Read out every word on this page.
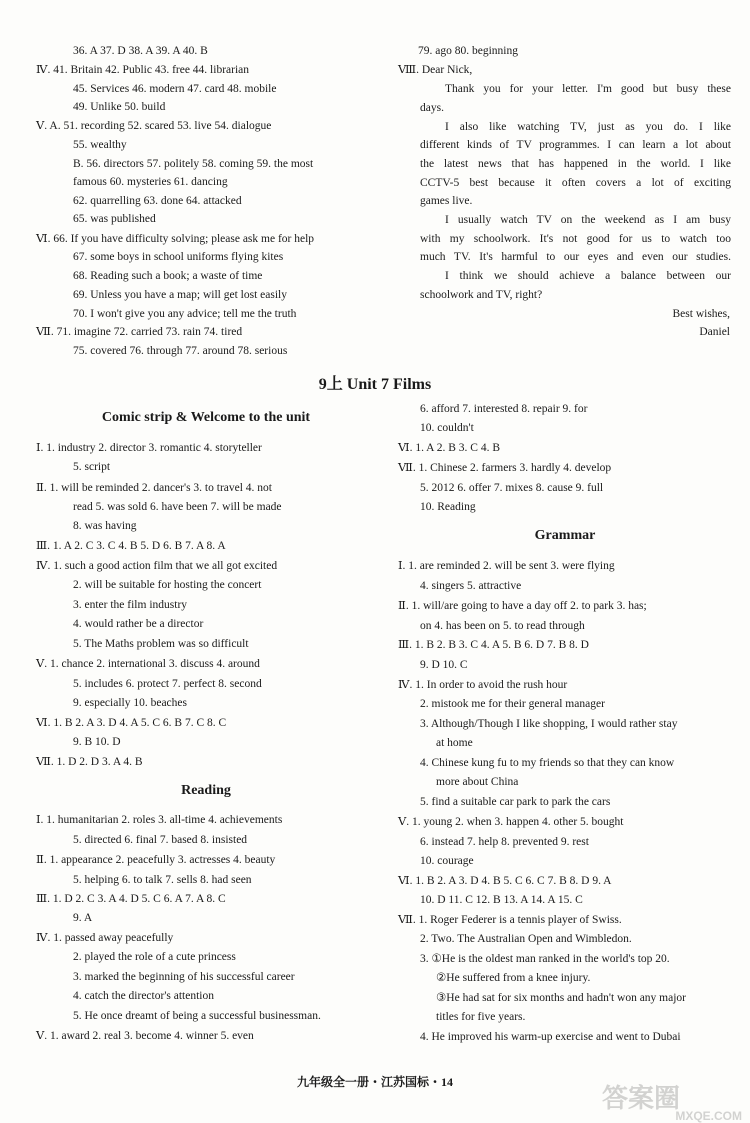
36. A 37. D 38. A 39. A 40. B
Ⅳ. 41. Britain 42. Public 43. free 44. librarian
45. Services 46. modern 47. card 48. mobile
49. Unlike 50. build
Ⅴ. A. 51. recording 52. scared 53. live 54. dialogue
55. wealthy
B. 56. directors 57. politely 58. coming 59. the most
famous 60. mysteries 61. dancing
62. quarrelling 63. done 64. attacked
65. was published
Ⅵ. 66. If you have difficulty solving; please ask me for help
67. some boys in school uniforms flying kites
68. Reading such a book; a waste of time
69. Unless you have a map; will get lost easily
70. I won't give you any advice; tell me the truth
Ⅶ. 71. imagine 72. carried 73. rain 74. tired
75. covered 76. through 77. around 78. serious
79. ago 80. beginning
Ⅷ. Dear Nick,
Thank you for your letter. I'm good but busy these
days.
I also like watching TV, just as you do. I like
different kinds of TV programmes. I can learn a lot about
the latest news that has happened in the world. I like
CCTV-5 best because it often covers a lot of exciting
games live.
I usually watch TV on the weekend as I am busy
with my schoolwork. It's not good for us to watch too
much TV. It's harmful to our eyes and even our studies.
I think we should achieve a balance between our
schoolwork and TV, right?
Best wishes,
Daniel
9上 Unit 7 Films
Comic strip & Welcome to the unit
Reading
Grammar
Ⅰ. 1. industry 2. director 3. romantic 4. storyteller
5. script
Ⅱ. 1. will be reminded 2. dancer's 3. to travel 4. not
read 5. was sold 6. have been 7. will be made
8. was having
Ⅲ. 1. A 2. C 3. C 4. B 5. D 6. B 7. A 8. A
Ⅳ. 1. such a good action film that we all got excited
2. will be suitable for hosting the concert
3. enter the film industry
4. would rather be a director
5. The Maths problem was so difficult
Ⅴ. 1. chance 2. international 3. discuss 4. around
5. includes 6. protect 7. perfect 8. second
9. especially 10. beaches
Ⅵ. 1. B 2. A 3. D 4. A 5. C 6. B 7. C 8. C
9. B 10. D
Ⅶ. 1. D 2. D 3. A 4. B
Ⅰ. 1. humanitarian 2. roles 3. all-time 4. achievements
5. directed 6. final 7. based 8. insisted
Ⅱ. 1. appearance 2. peacefully 3. actresses 4. beauty
5. helping 6. to talk 7. sells 8. had seen
Ⅲ. 1. D 2. C 3. A 4. D 5. C 6. A 7. A 8. C
9. A
Ⅳ. 1. passed away peacefully
2. played the role of a cute princess
3. marked the beginning of his successful career
4. catch the director's attention
5. He once dreamt of being a successful businessman.
Ⅴ. 1. award 2. real 3. become 4. winner 5. even
6. afford 7. interested 8. repair 9. for
10. couldn't
Ⅵ. 1. A 2. B 3. C 4. B
Ⅶ. 1. Chinese 2. farmers 3. hardly 4. develop
5. 2012 6. offer 7. mixes 8. cause 9. full
10. Reading
Ⅰ. 1. are reminded 2. will be sent 3. were flying
4. singers 5. attractive
Ⅱ. 1. will/are going to have a day off 2. to park 3. has;
on 4. has been on 5. to read through
Ⅲ. 1. B 2. B 3. C 4. A 5. B 6. D 7. B 8. D
9. D 10. C
Ⅳ. 1. In order to avoid the rush hour
2. mistook me for their general manager
3. Although/Though I like shopping, I would rather stay
at home
4. Chinese kung fu to my friends so that they can know
more about China
5. find a suitable car park to park the cars
Ⅴ. 1. young 2. when 3. happen 4. other 5. bought
6. instead 7. help 8. prevented 9. rest
10. courage
Ⅵ. 1. B 2. A 3. D 4. B 5. C 6. C 7. B 8. D 9. A
10. D 11. C 12. B 13. A 14. A 15. C
Ⅶ. 1. Roger Federer is a tennis player of Swiss.
2. Two. The Australian Open and Wimbledon.
3. ①He is the oldest man ranked in the world's top 20.
②He suffered from a knee injury.
③He had sat for six months and hadn't won any major
titles for five years.
4. He improved his warm-up exercise and went to Dubai
九年级全一册・江苏国标・14
答案圈
MXQE.COM
